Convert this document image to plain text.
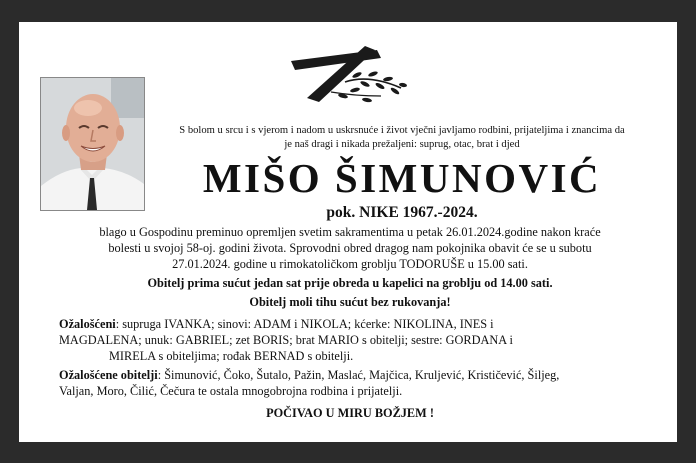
S bolom u srcu i s vjerom i nadom u uskrsnuće i život vječni javljamo rodbini, prijateljima i znancima da
je naš dragi i nikada prežaljeni: suprug, otac, brat i djed
MIŠO ŠIMUNOVIĆ
pok. NIKE 1967.-2024.

blago u Gospodinu preminuo opremljen svetim sakramentima u petak 26.01.2024.godine nakon kraće

bolesti u svojoj 58-oj. godini života. Sprovodni obred dragog nam pokojnika obavit će se u subotu

27.01.2024. godine u rimokatoličkom groblju TODORUŠE u 15.00 sati.

Obitelj prima sućut jedan sat prije obreda u kapelici na groblju od 14.00 sati.

Obitelj moli tihu sućut bez rukovanja!

Ožalošćeni: supruga IVANKA; sinovi: ADAM i NIKOLA; kćerke: NIKOLINA, INES i
MAGDALENA; unuk: GABRIEL; zet BORIS; brat MARIO s obitelji; sestre: GORDANA i

MIRELA s obiteljima; rođak BERNAD s obitelji.

Ožalošćene obitelji: Šimunović, Čoko, Šutalo, Pažin, Maslać, Majčica, Kruljević, Krističević, Šiljeg,
Valjan, Moro, Čilić, Čečura te ostala mnogobrojna rodbina i prijatelji.

POČIVAO U MIRU BOŽJEM !
